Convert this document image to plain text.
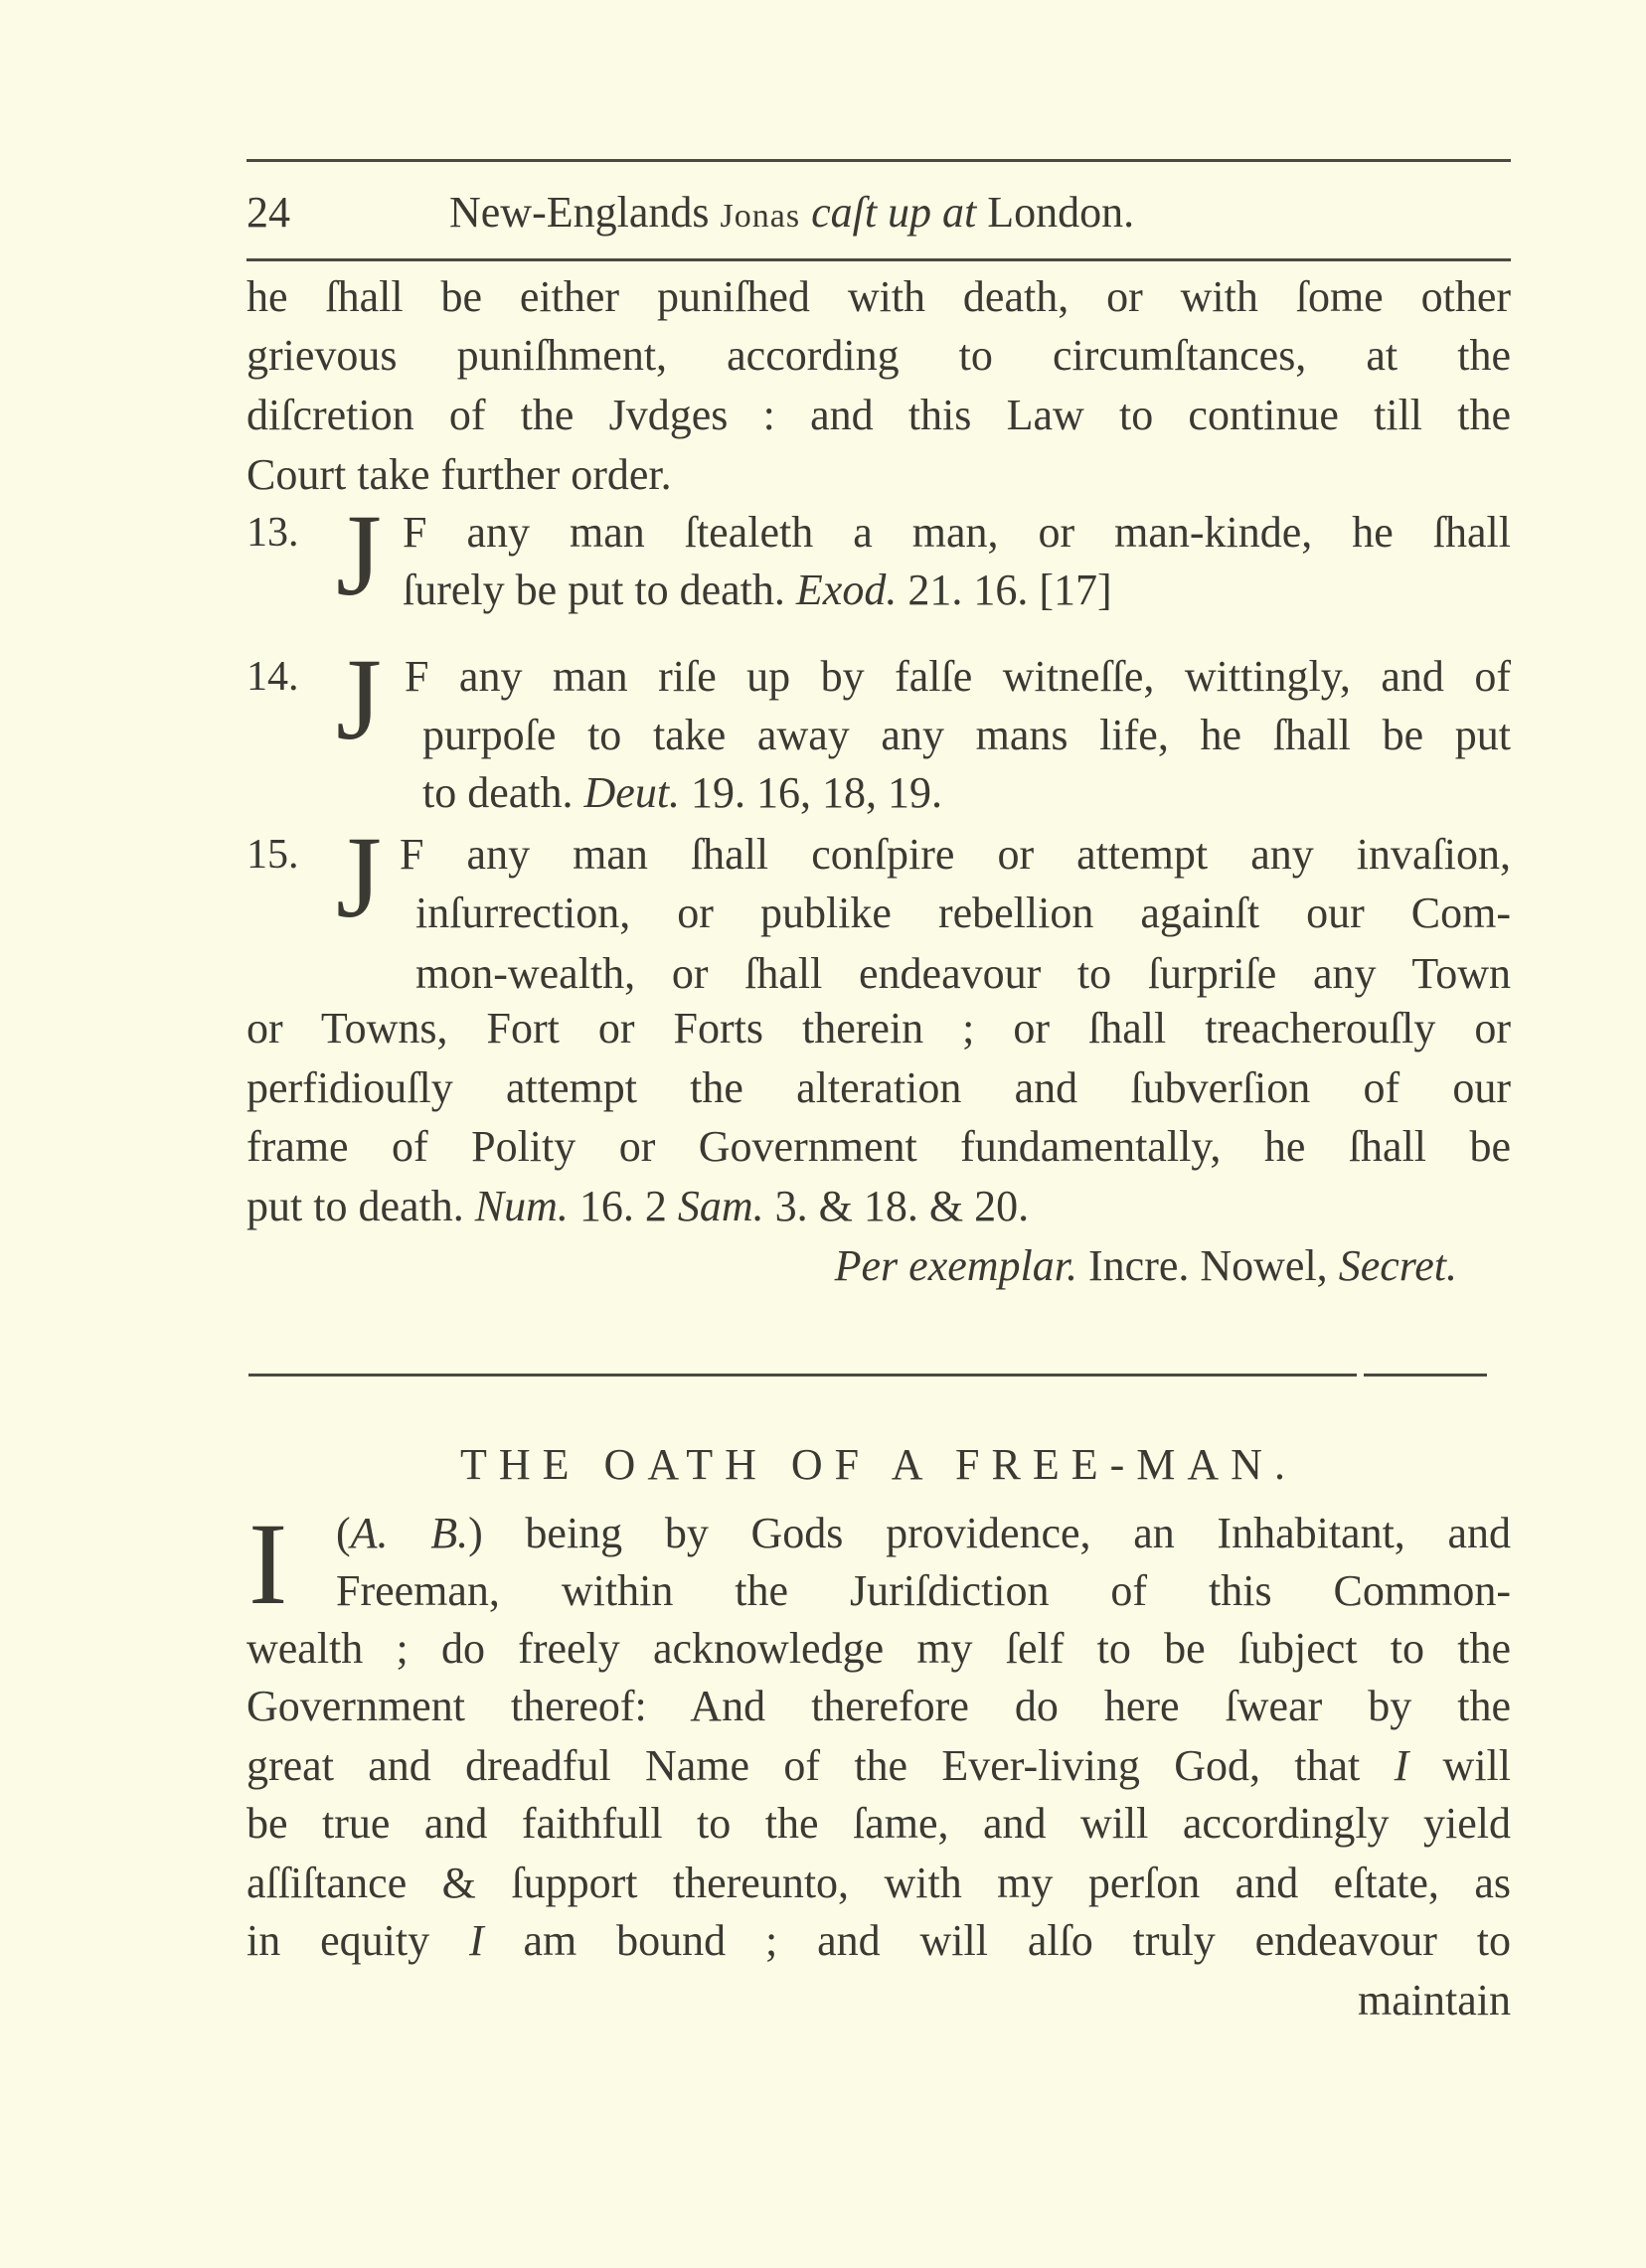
24	New-Englands Jonas caſt up at London.
he ſhall be either puniſhed with death, or with ſome other
grievous puniſhment, according to circumſtances, at the
diſcretion of the Jvdges : and this Law to continue till the
Court take further order.
13. J F any man ſtealeth a man, or man-kinde, he ſhall
ſurely be put to death. Exod. 21. 16. [17]
14. J F any man riſe up by falſe witneſſe, wittingly, and of
purpoſe to take away any mans life, he ſhall be put
to death. Deut. 19. 16, 18, 19.
15. J F any man ſhall conſpire or attempt any invaſion,
inſurrection, or publike rebellion againſt our Com-
mon-wealth, or ſhall endeavour to ſurpriſe any Town
or Towns, Fort or Forts therein ; or ſhall treacherouſly or
perfidiouſly attempt the alteration and ſubverſion of our
frame of Polity or Government fundamentally, he ſhall be
put to death. Num. 16. 2 Sam. 3. & 18. & 20.
Per exemplar. Incre. Nowel, Secret.
I (A. B.) being by Gods providence, an Inhabitant, and
Freeman, within the Juriſdiction of this Common-
wealth ; do freely acknowledge my ſelf to be ſubject to the
Government thereof: And therefore do here ſwear by the
great and dreadful Name of the Ever-living God, that I will
be true and faithfull to the ſame, and will accordingly yield
aſſiſtance & ſupport thereunto, with my perſon and eſtate, as
in equity I am bound ; and will alſo truly endeavour to
maintain
THE OATH OF A FREE-MAN.
